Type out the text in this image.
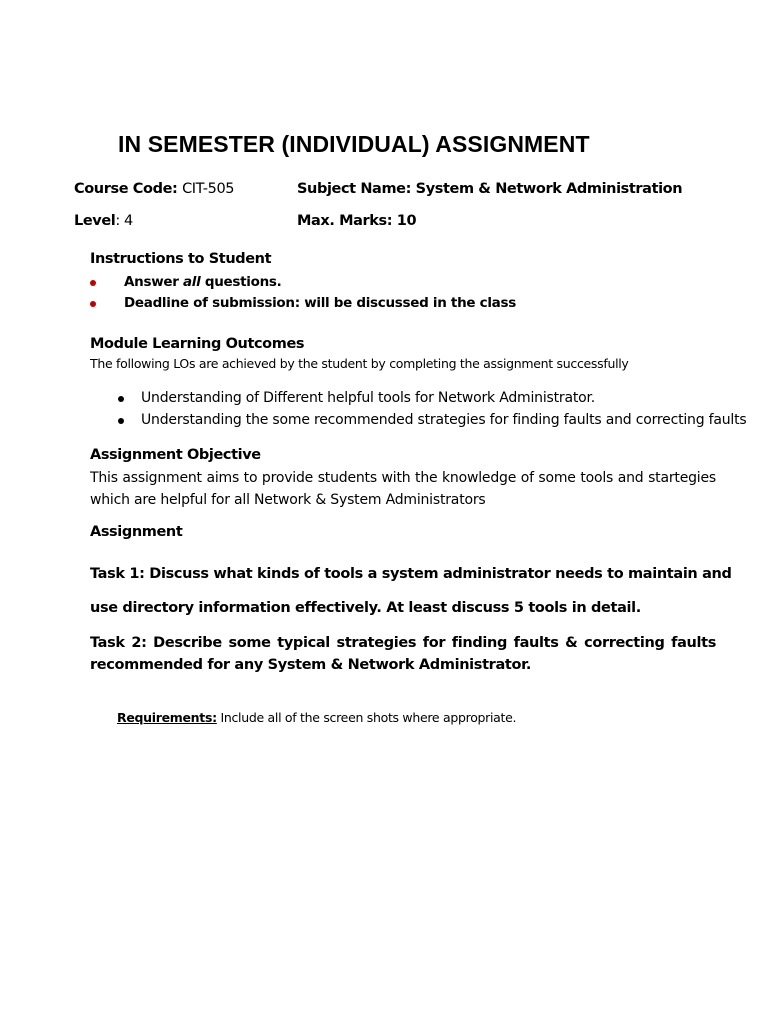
IN SEMESTER (INDIVIDUAL) ASSIGNMENT
Course Code: CIT-505	Subject Name: System & Network Administration
Level: 4	Max. Marks: 10
Instructions to Student
Answer all questions.
Deadline of submission: will be discussed in the class
Module Learning Outcomes
The following LOs are achieved by the student by completing the assignment successfully
Understanding of Different helpful tools for Network Administrator.
Understanding the some recommended strategies for finding faults and correcting faults
Assignment Objective
This assignment aims to provide students with the knowledge of some tools and startegies which are helpful for all Network & System Administrators
Assignment
Task 1: Discuss what kinds of tools a system administrator needs to maintain and
use directory information effectively. At least discuss 5 tools in detail.
Task 2: Describe some typical strategies for finding faults & correcting faults recommended for any System & Network Administrator.
Requirements: Include all of the screen shots where appropriate.
